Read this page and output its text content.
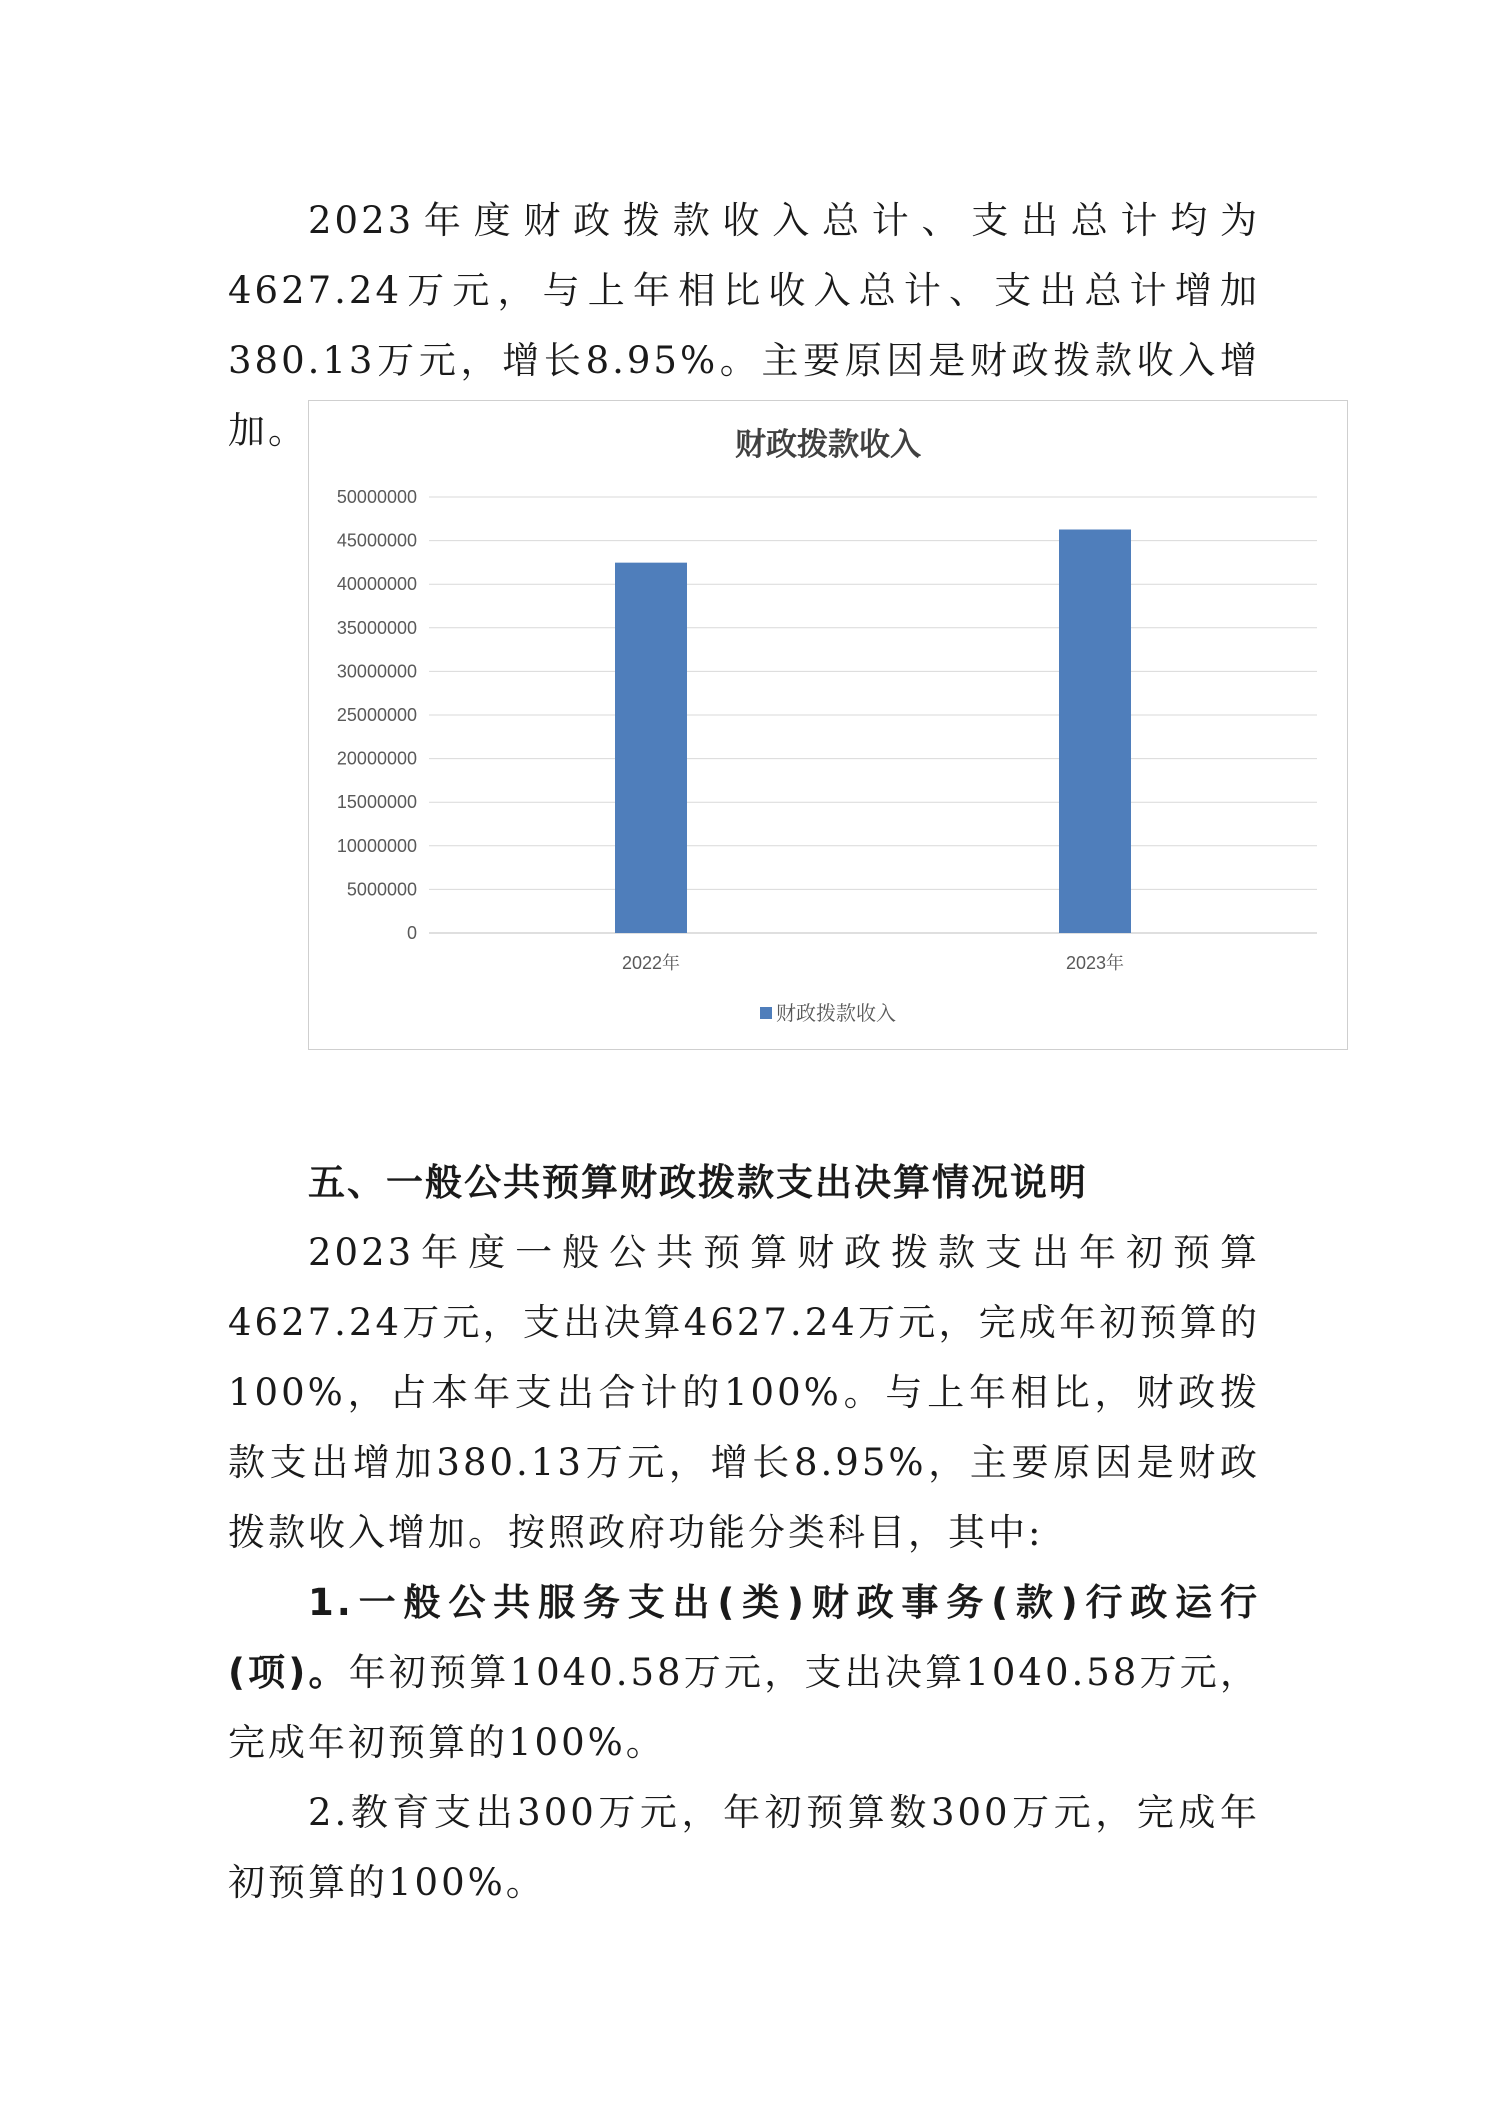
2023年度财政拨款收入总计、支出总计均为4627.24万元，与上年相比收入总计、支出总计增加380.13万元，增长8.95%。主要原因是财政拨款收入增加。	财政拨款收入

0
5000000
10000000
15000000
20000000
25000000
30000000
35000000
40000000
45000000
50000000
2022年	2023年
财政拨款收入

五、一般公共预算财政拨款支出决算情况说明

2023年度一般公共预算财政拨款支出年初预算4627.24万元，支出决算4627.24万元，完成年初预算的100%，占本年支出合计的100%。与上年相比，财政拨款支出增加380.13万元，增长8.95%，主要原因是财政拨款收入增加。按照政府功能分类科目，其中:

1.一般公共服务支出(类)财政事务(款)行政运行(项)。年初预算1040.58万元，支出决算1040.58万元，完成年初预算的100%。

2.教育支出300万元，年初预算数300万元，完成年初预算的100%。
